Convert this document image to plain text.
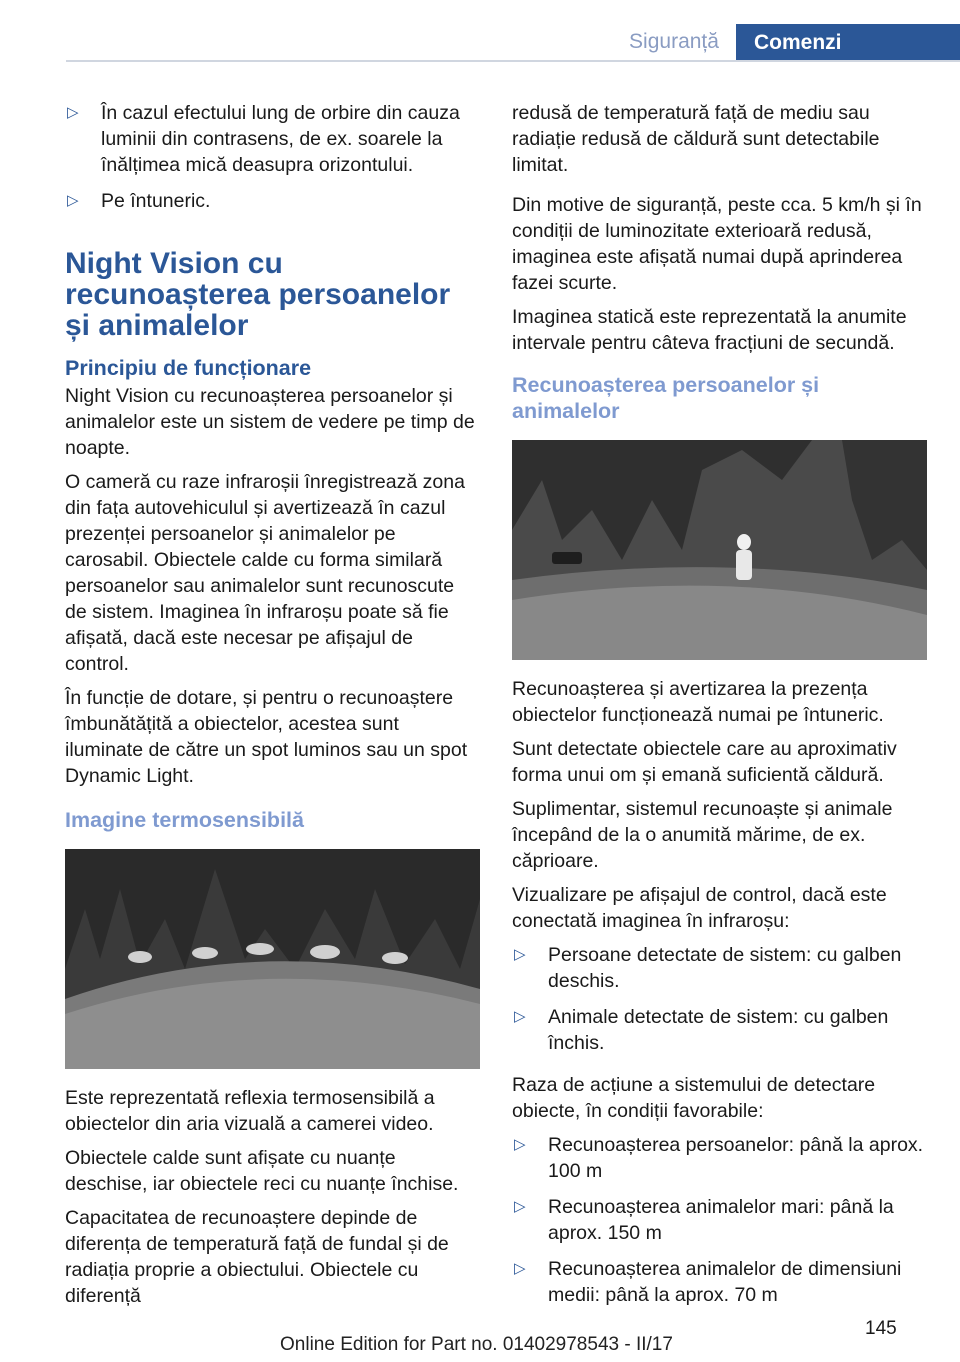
Siguranță	Comenzi
▷	În cazul efectului lung de orbire din cauza luminii din contrasens, de ex. soarele la înălțimea mică deasupra orizontului.
▷	Pe întuneric.
Night Vision cu recunoașterea persoanelor și animalelor
Principiu de funcționare

Night Vision cu recunoașterea persoanelor și animalelor este un sistem de vedere pe timp de noapte.

O cameră cu raze infraroșii înregistrează zona din fața autovehiculul și avertizează în cazul prezenței persoanelor și animalelor pe carosabil. Obiectele calde cu forma similară persoanelor sau animalelor sunt recunoscute de sistem. Imaginea în infraroșu poate să fie afișată, dacă este necesar pe afișajul de control.

În funcție de dotare, și pentru o recunoaștere îmbunătățită a obiectelor, acestea sunt iluminate de către un spot luminos sau un spot Dynamic Light.

Imagine termosensibilă

Este reprezentată reflexia termosensibilă a obiectelor din aria vizuală a camerei video.

Obiectele calde sunt afișate cu nuanțe deschise, iar obiectele reci cu nuanțe închise.

Capacitatea de recunoaștere depinde de diferența de temperatură față de fundal și de radiația proprie a obiectului. Obiectele cu diferență

redusă de temperatură față de mediu sau radiație redusă de căldură sunt detectabile limitat.

Din motive de siguranță, peste cca. 5 km/h și în condiții de luminozitate exterioară redusă, imaginea este afișată numai după aprinderea fazei scurte.

Imaginea statică este reprezentată la anumite intervale pentru câteva fracțiuni de secundă.

Recunoașterea persoanelor și animalelor

Recunoașterea și avertizarea la prezența obiectelor funcționează numai pe întuneric.

Sunt detectate obiectele care au aproximativ forma unui om și emană suficientă căldură.

Suplimentar, sistemul recunoaște și animale începând de la o anumită mărime, de ex. căprioare.

Vizualizare pe afișajul de control, dacă este conectată imaginea în infraroșu:

▷	Persoane detectate de sistem: cu galben deschis.
▷	Animale detectate de sistem: cu galben închis.

Raza de acțiune a sistemului de detectare obiecte, în condiții favorabile:

▷	Recunoașterea persoanelor: până la aprox. 100 m
▷	Recunoașterea animalelor mari: până la aprox. 150 m
▷	Recunoașterea animalelor de dimensiuni medii: până la aprox. 70 m
145
Online Edition for Part no. 01402978543 - II/17
